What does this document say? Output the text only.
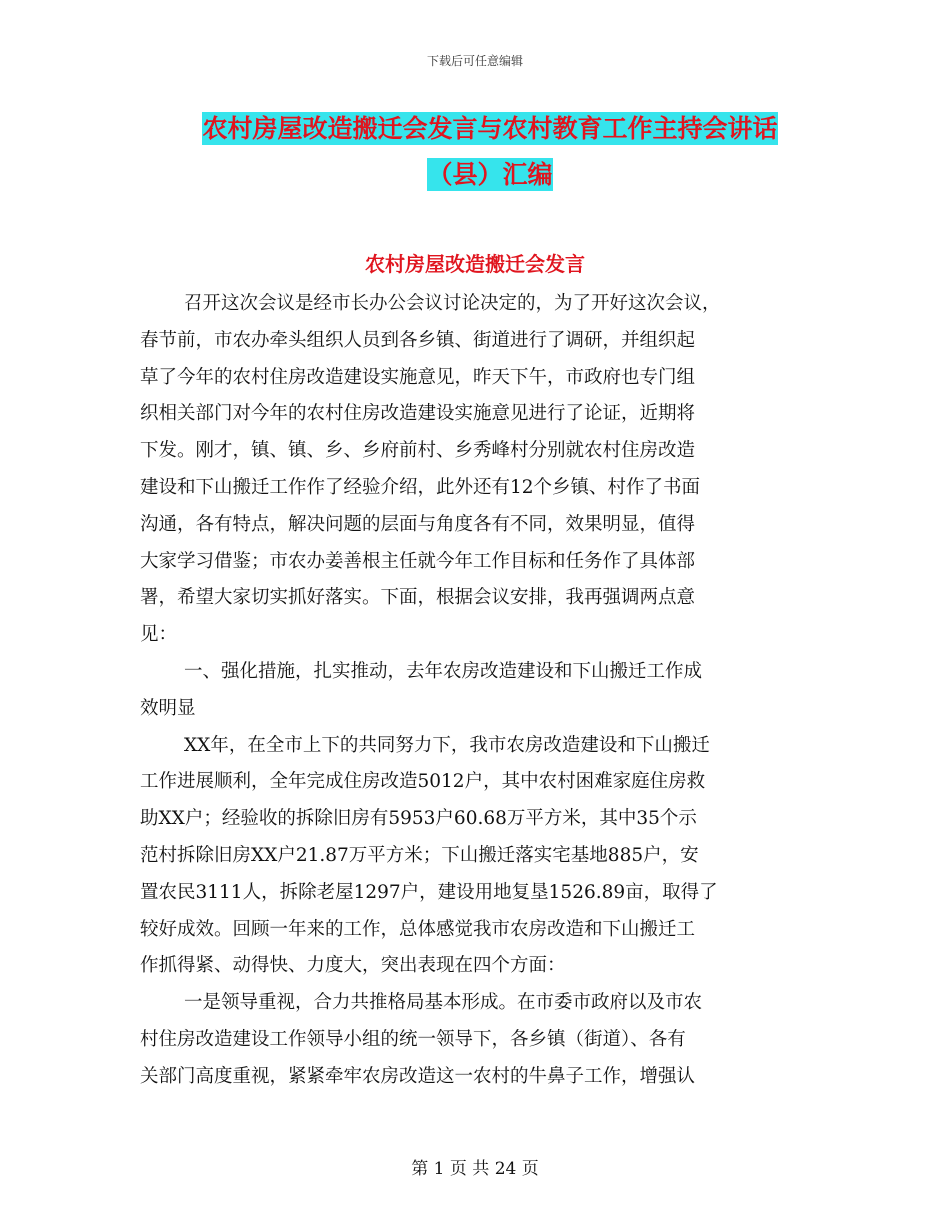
下载后可任意编辑
农村房屋改造搬迁会发言与农村教育工作主持会讲话
（县）汇编
农村房屋改造搬迁会发言
召开这次会议是经市长办公会议讨论决定的，为了开好这次会议，
春节前，市农办牵头组织人员到各乡镇、街道进行了调研，并组织起
草了今年的农村住房改造建设实施意见，昨天下午，市政府也专门组
织相关部门对今年的农村住房改造建设实施意见进行了论证，近期将
下发。刚才，镇、镇、乡、乡府前村、乡秀峰村分别就农村住房改造
建设和下山搬迁工作作了经验介绍，此外还有12个乡镇、村作了书面
沟通，各有特点，解决问题的层面与角度各有不同，效果明显，值得
大家学习借鉴；市农办姜善根主任就今年工作目标和任务作了具体部
署，希望大家切实抓好落实。下面，根据会议安排，我再强调两点意
见：
一、强化措施，扎实推动，去年农房改造建设和下山搬迁工作成
效明显
XX年，在全市上下的共同努力下，我市农房改造建设和下山搬迁
工作进展顺利，全年完成住房改造5012户，其中农村困难家庭住房救
助XX户；经验收的拆除旧房有5953户60.68万平方米，其中35个示
范村拆除旧房XX户21.87万平方米；下山搬迁落实宅基地885户，安
置农民3111人，拆除老屋1297户，建设用地复垦1526.89亩，取得了
较好成效。回顾一年来的工作，总体感觉我市农房改造和下山搬迁工
作抓得紧、动得快、力度大，突出表现在四个方面：
一是领导重视，合力共推格局基本形成。在市委市政府以及市农
村住房改造建设工作领导小组的统一领导下，各乡镇（街道）、各有
关部门高度重视，紧紧牵牢农房改造这一农村的牛鼻子工作，增强认
第 1 页 共 24 页
